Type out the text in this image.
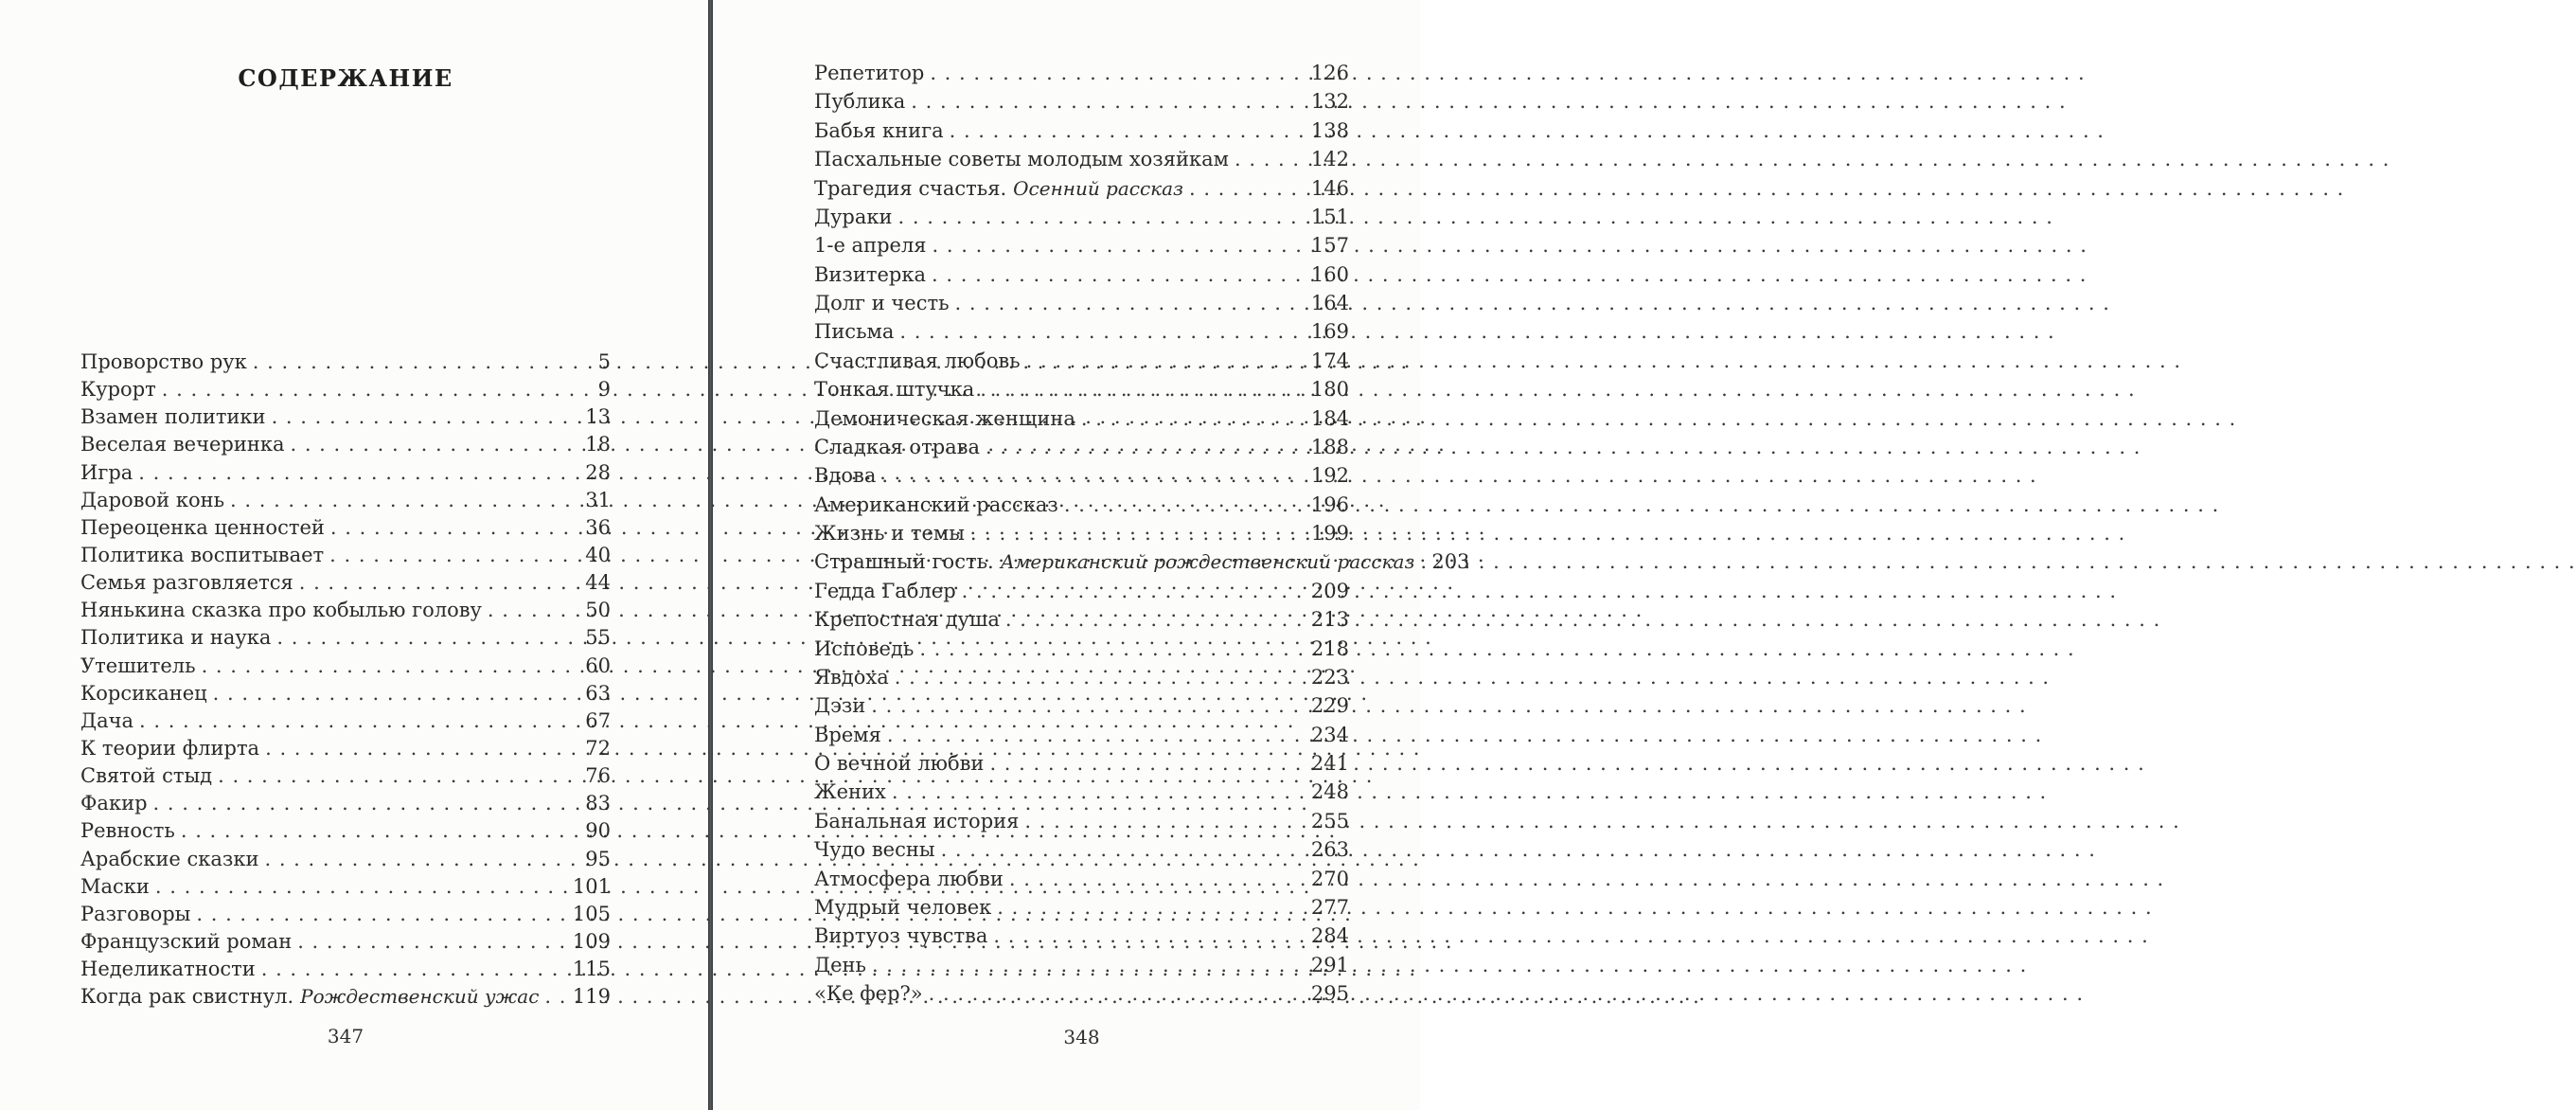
СОДЕРЖАНИЕ
Проворство рук . . .	5
Курорт . . .	9
Взамен политики . . .	13
Веселая вечеринка . . .	18
Игра . . .	28
Даровой конь . . .	31
Переоценка ценностей . . .	36
Политика воспитывает . . .	40
Семья разговляется . . .	44
Нянькина сказка про кобылью голову . . .	50
Политика и наука . . .	55
Утешитель . . .	60
Корсиканец . . .	63
Дача . . .	67
К теории флирта . . .	72
Святой стыд . . .	76
Факир . . .	83
Ревность . . .	90
Арабские сказки . . .	95
Маски . . .	101
Разговоры . . .	105
Французский роман . . .	109
Неделикатности . . .	115
Когда рак свистнул. Рождественский ужас . . . 119
347
Репетитор . . .	126
Публика . . .	132
Бабья книга . . .	138
Пасхальные советы молодым хозяйкам . . .	142
Трагедия счастья. Осенний рассказ . . .	146
Дураки . . .	151
1-е апреля . . .	157
Визитерка . . .	160
Долг и честь . . .	164
Письма . . .	169
Счастливая любовь . . .	174
Тонкая штучка . . .	180
Демоническая женщина . . .	184
Сладкая отрава . . .	188
Вдова . . .	192
Американский рассказ . . .	196
Жизнь и темы . . .	199
Страшный гость. Американский рождественский рассказ . . . 203
Гедда Габлер . . .	209
Крепостная душа . . .	213
Исповедь . . .	218
Явдоха . . .	223
Дэзи . . .	229
Время . . .	234
О вечной любви . . .	241
Жених . . .	248
Банальная история . . .	255
Чудо весны . . .	263
Атмосфера любви . . .	270
Мудрый человек . . .	277
Виртуоз чувства . . .	284
День . . .	291
«Ке фер?» . . .	295
348
